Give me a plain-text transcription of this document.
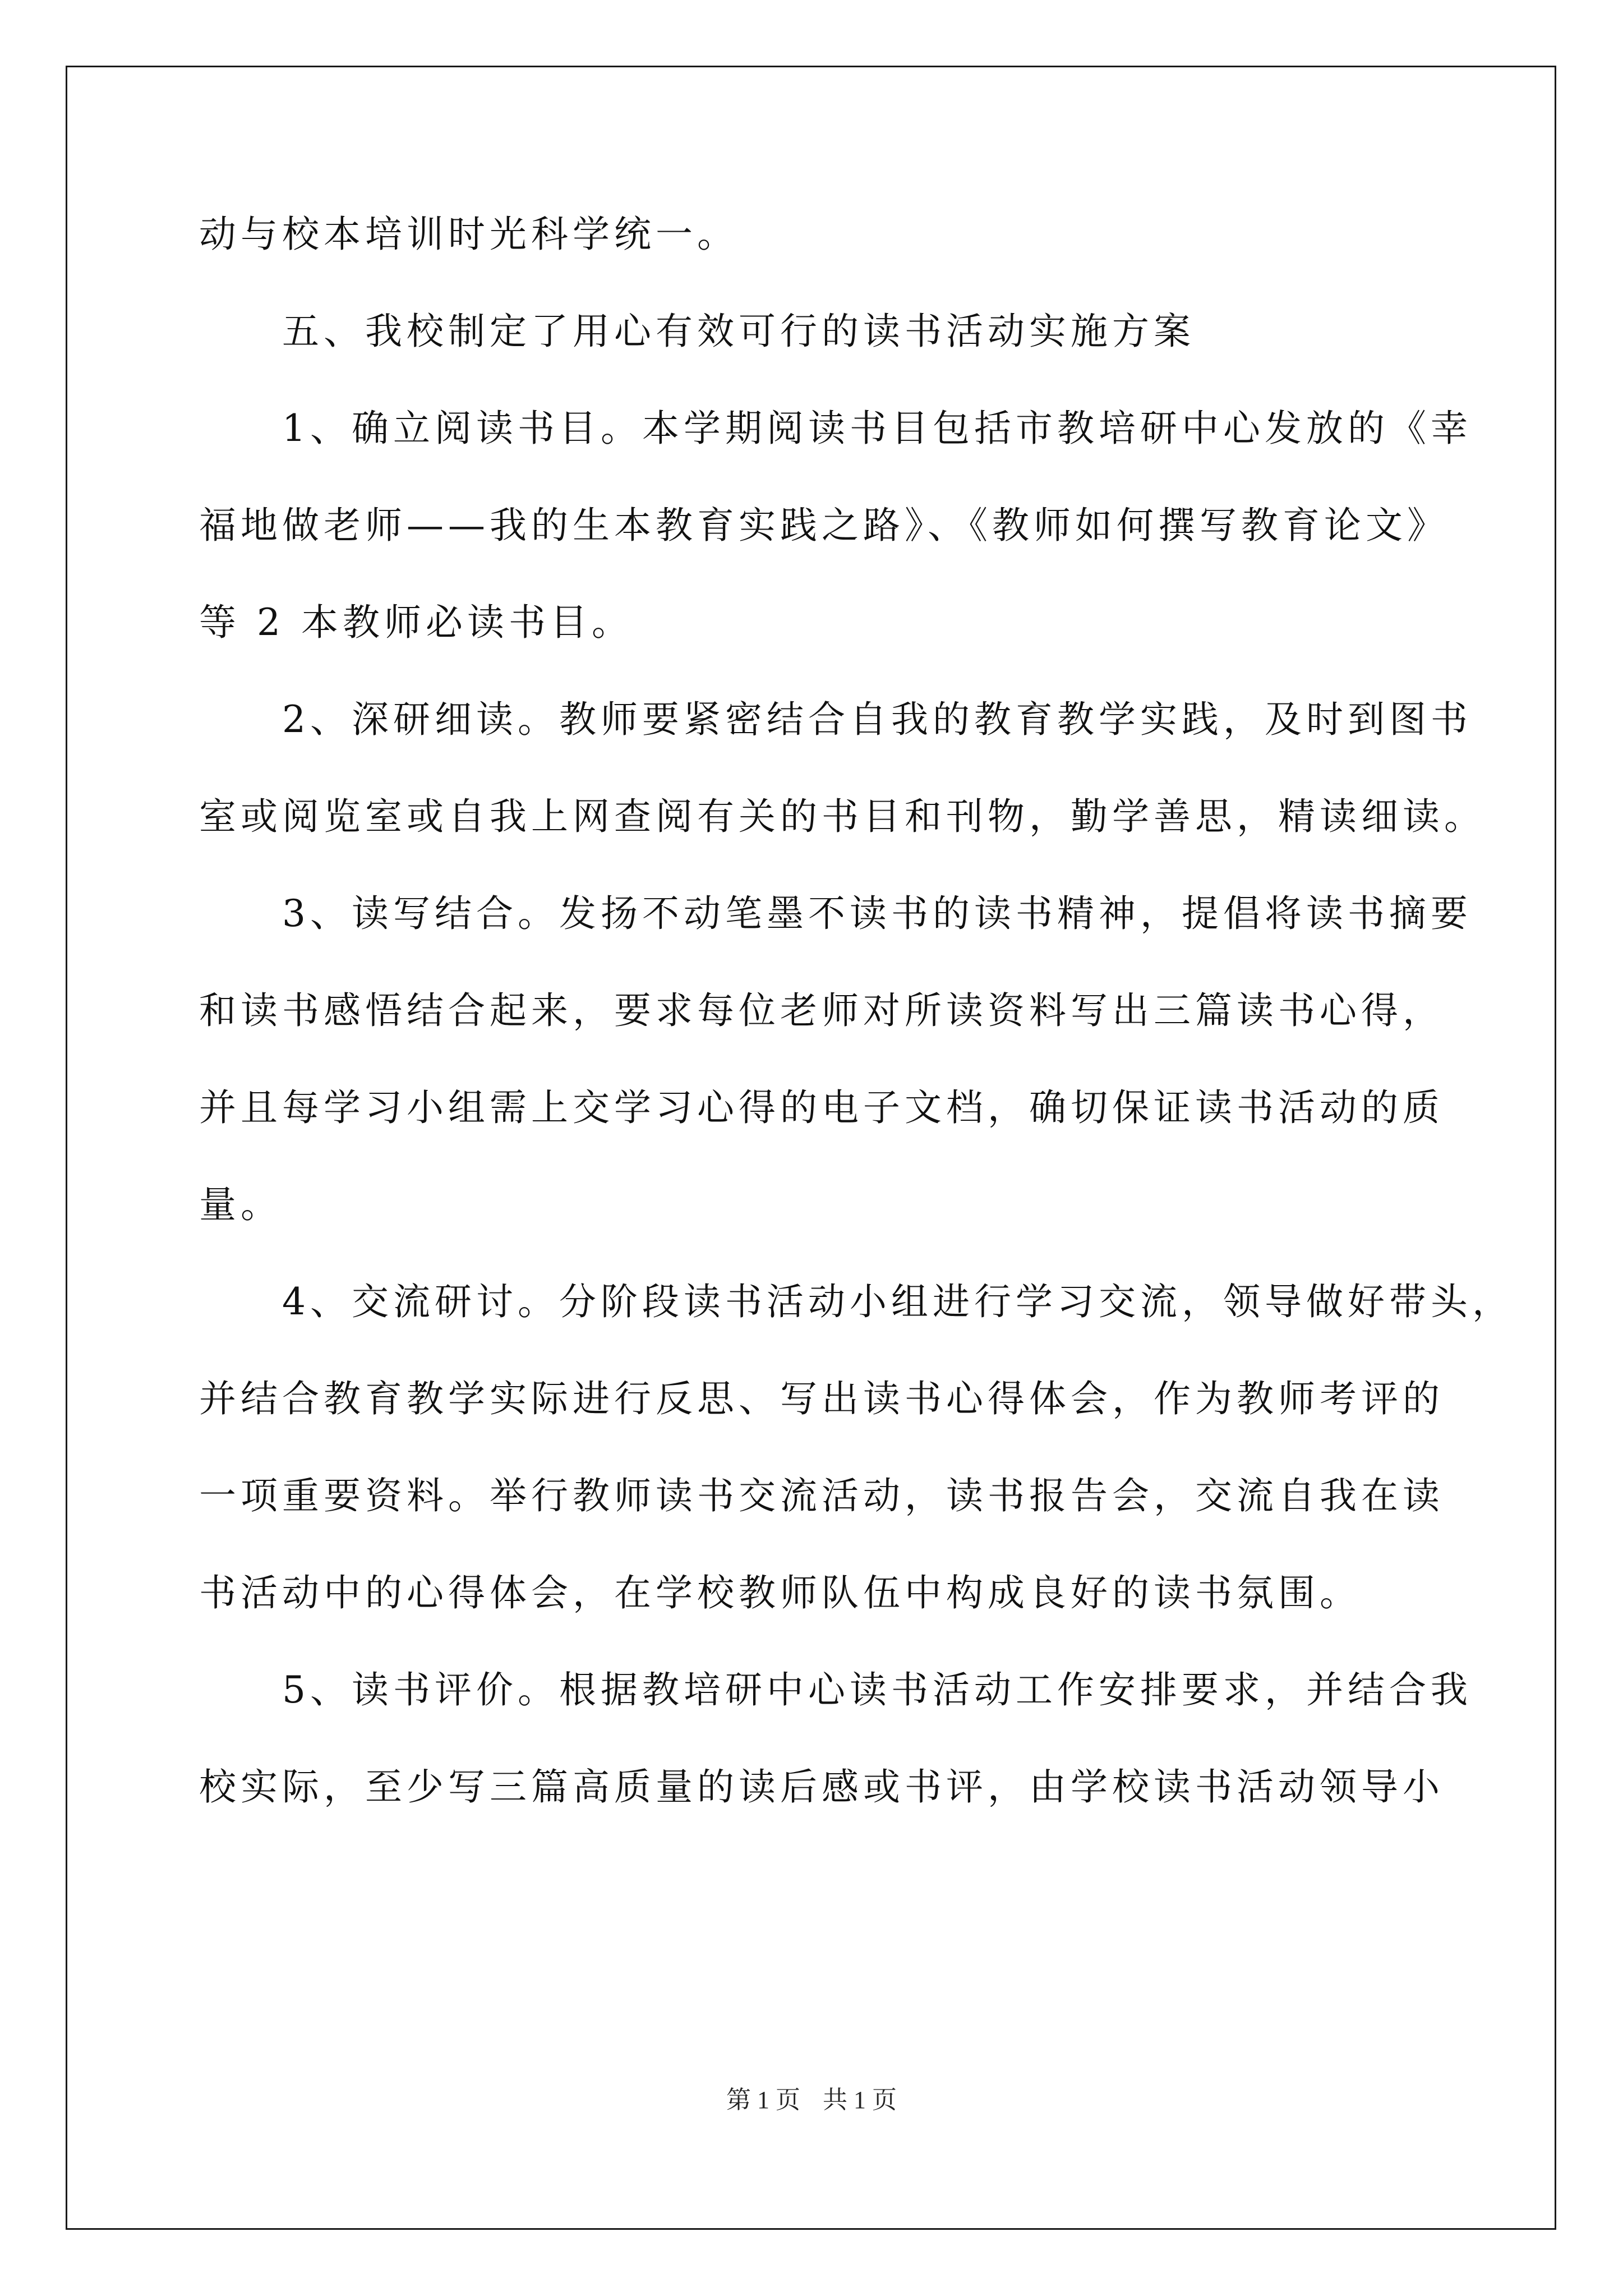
动与校本培训时光科学统一。
　　五、我校制定了用心有效可行的读书活动实施方案
　　1、确立阅读书目。本学期阅读书目包括市教培研中心发放的《幸
福地做老师——我的生本教育实践之路》、《教师如何撰写教育论文》
等 2 本教师必读书目。
　　2、深研细读。教师要紧密结合自我的教育教学实践，及时到图书
室或阅览室或自我上网查阅有关的书目和刊物，勤学善思，精读细读。
　　3、读写结合。发扬不动笔墨不读书的读书精神，提倡将读书摘要
和读书感悟结合起来，要求每位老师对所读资料写出三篇读书心得，
并且每学习小组需上交学习心得的电子文档，确切保证读书活动的质
量。
　　4、交流研讨。分阶段读书活动小组进行学习交流，领导做好带头，
并结合教育教学实际进行反思、写出读书心得体会，作为教师考评的
一项重要资料。举行教师读书交流活动，读书报告会，交流自我在读
书活动中的心得体会，在学校教师队伍中构成良好的读书氛围。
　　5、读书评价。根据教培研中心读书活动工作安排要求，并结合我
校实际，至少写三篇高质量的读后感或书评，由学校读书活动领导小
第 1 页 共 1 页
